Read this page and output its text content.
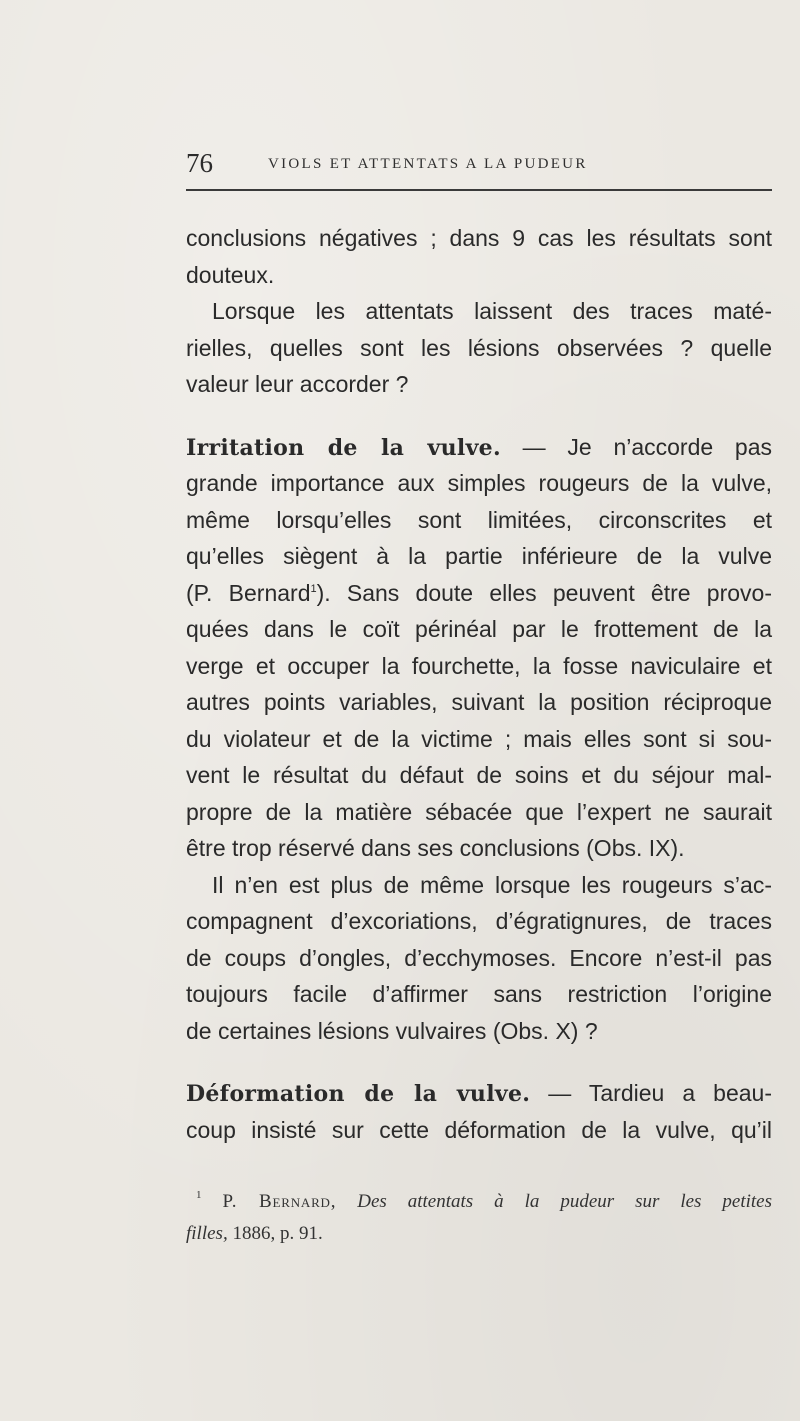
76	VIOLS ET ATTENTATS A LA PUDEUR
conclusions négatives ; dans 9 cas les résultats sont
douteux.
Lorsque les attentats laissent des traces maté-
rielles, quelles sont les lésions observées ? quelle
valeur leur accorder ?
Irritation de la vulve. — Je n’accorde pas
grande importance aux simples rougeurs de la vulve,
même lorsqu’elles sont limitées, circonscrites et
qu’elles siègent à la partie inférieure de la vulve
(P. Bernard$^1$). Sans doute elles peuvent être provo-
quées dans le coït périnéal par le frottement de la
verge et occuper la fourchette, la fosse naviculaire et
autres points variables, suivant la position réciproque
du violateur et de la victime ; mais elles sont si sou-
vent le résultat du défaut de soins et du séjour mal-
propre de la matière sébacée que l’expert ne saurait
être trop réservé dans ses conclusions (Obs. IX).
Il n’en est plus de même lorsque les rougeurs s’ac-
compagnent d’excoriations, d’égratignures, de traces
de coups d’ongles, d’ecchymoses. Encore n’est-il pas
toujours facile d’affirmer sans restriction l’origine
de certaines lésions vulvaires (Obs. X) ?
Déformation de la vulve. — Tardieu a beau-
coup insisté sur cette déformation de la vulve, qu’il
$^1$ P. Bernard, Des attentats à la pudeur sur les petites
filles, 1886, p. 91.
